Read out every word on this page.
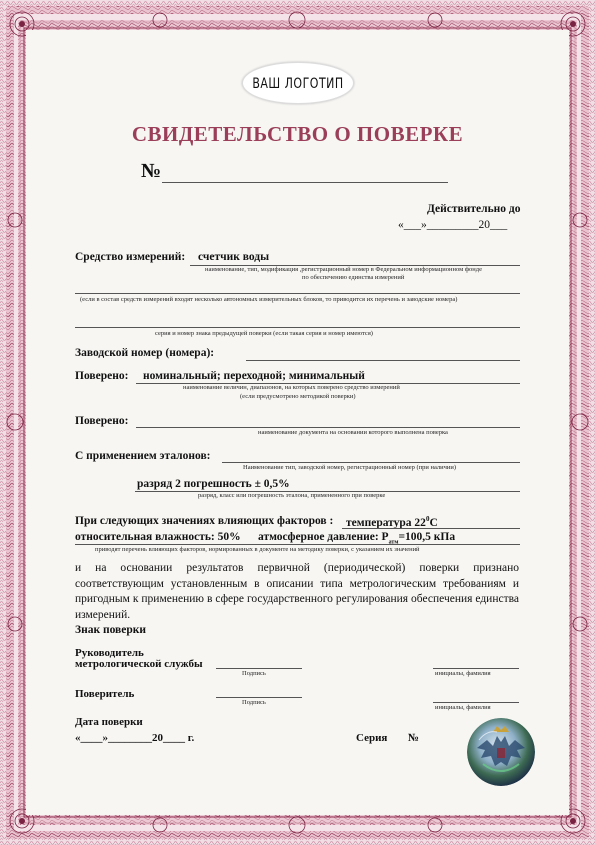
ВАШ ЛОГОТИП
СВИДЕТЕЛЬСТВО О ПОВЕРКЕ
№
Действительно до
«___»_________20___
Средство измерений: счетчик воды
наименование, тип, модификация ,регистрационный номер в Федеральном информационном фонде
по обеспечению единства измерений
(если в состав средств измерений входят несколько автономных измерительных блоков, то приводится их перечень и заводские номера)
серия и номер знака предыдущей поверки (если такая серия и номер имеются)
Заводской номер (номера):
Поверено: номинальный; переходной; минимальный
наименование величин, диапазонов, на которых поверено средство измерений
(если предусмотрено методикой поверки)
Поверено:
наименование документа на основании которого выполнена поверка
С применением эталонов:
Наименование тип, заводской номер, регистрационный номер (при наличии)
разряд 2 погрешность ± 0,5%
разряд, класс или погрешность эталона, примененного при поверке
При следующих значениях влияющих факторов : температура $22^0С$
относительная влажность: 50% атмосферное давление: $Р_{атм}=100,5$ кПа
приводят перечень влияющих факторов, нормированных в документе на методику поверки, с указанием их значений
и на основании результатов первичной (периодической) поверки признано соответствующим установленным в описании типа метрологическим требованиям и пригодным к применению в сфере государственного регулирования обеспечения единства измерений.
Знак поверки
Руководитель
метрологической службы
Подпись	инициалы, фамилия
Поверитель
Подпись
инициалы, фамилия
Дата поверки
«____»________20____ г.	Серия №
